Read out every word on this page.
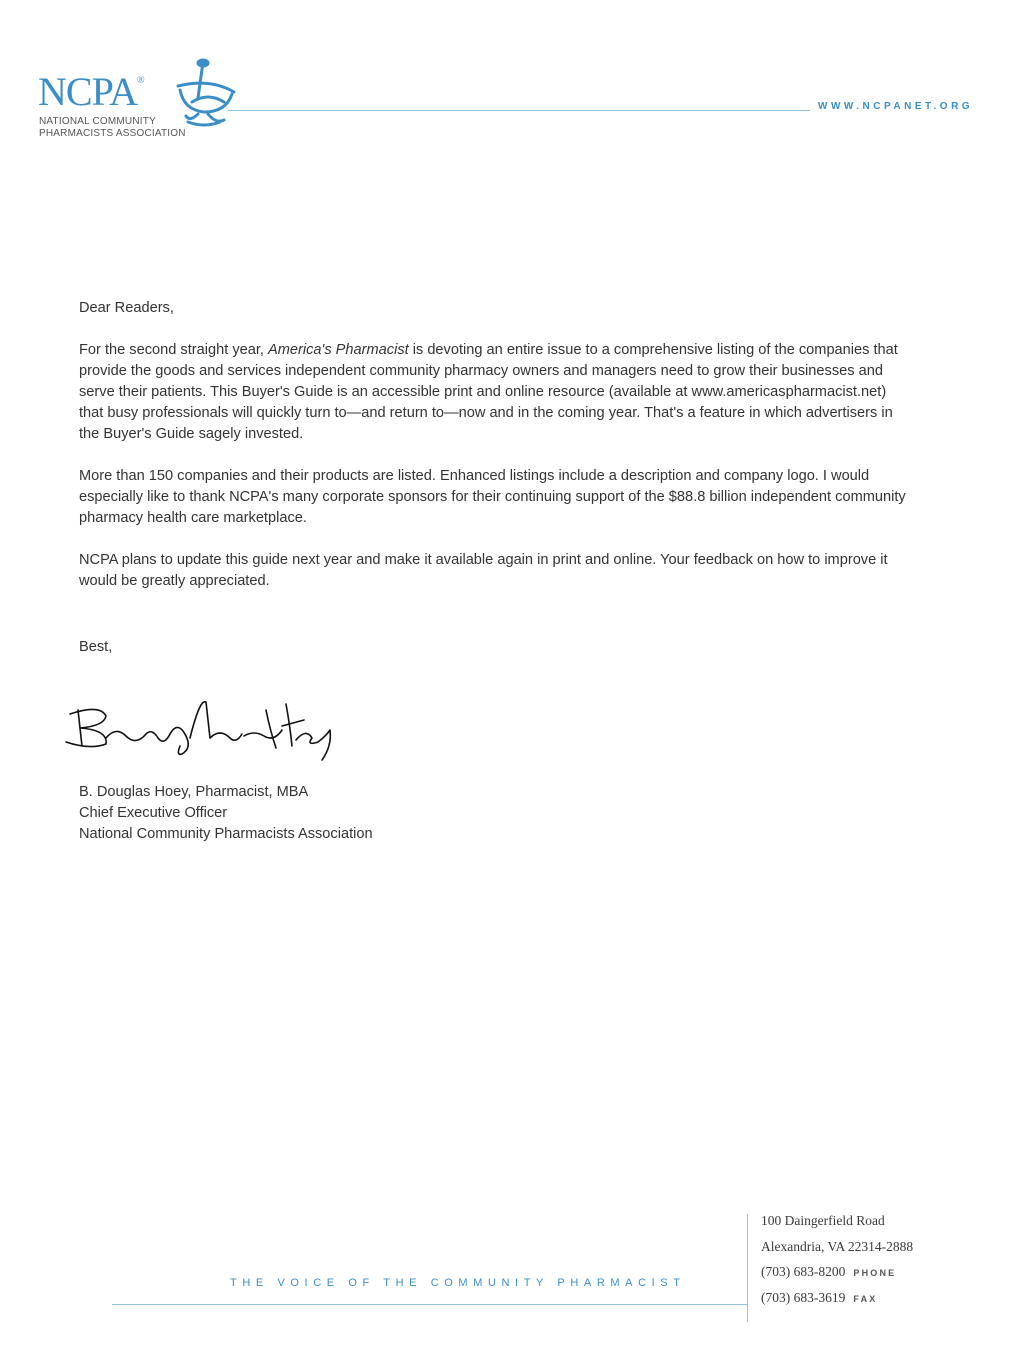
NCPA®
NATIONAL COMMUNITY
PHARMACISTS ASSOCIATION
WWW.NCPANET.ORG

Dear Readers,

For the second straight year, America's Pharmacist is devoting an entire issue to a comprehensive listing of the companies that provide the goods and services independent community pharmacy owners and managers need to grow their businesses and serve their patients. This Buyer's Guide is an accessible print and online resource (available at www.americaspharmacist.net) that busy professionals will quickly turn to—and return to—now and in the coming year. That's a feature in which advertisers in the Buyer's Guide sagely invested.

More than 150 companies and their products are listed. Enhanced listings include a description and company logo. I would especially like to thank NCPA's many corporate sponsors for their continuing support of the $88.8 billion independent community pharmacy health care marketplace.

NCPA plans to update this guide next year and make it available again in print and online. Your feedback on how to improve it would be greatly appreciated.

Best,

B. Douglas Hoey, Pharmacist, MBA
Chief Executive Officer
National Community Pharmacists Association
THE VOICE OF THE COMMUNITY PHARMACIST
100 Daingerfield Road
Alexandria, VA 22314-2888
(703) 683-8200 PHONE
(703) 683-3619 FAX
